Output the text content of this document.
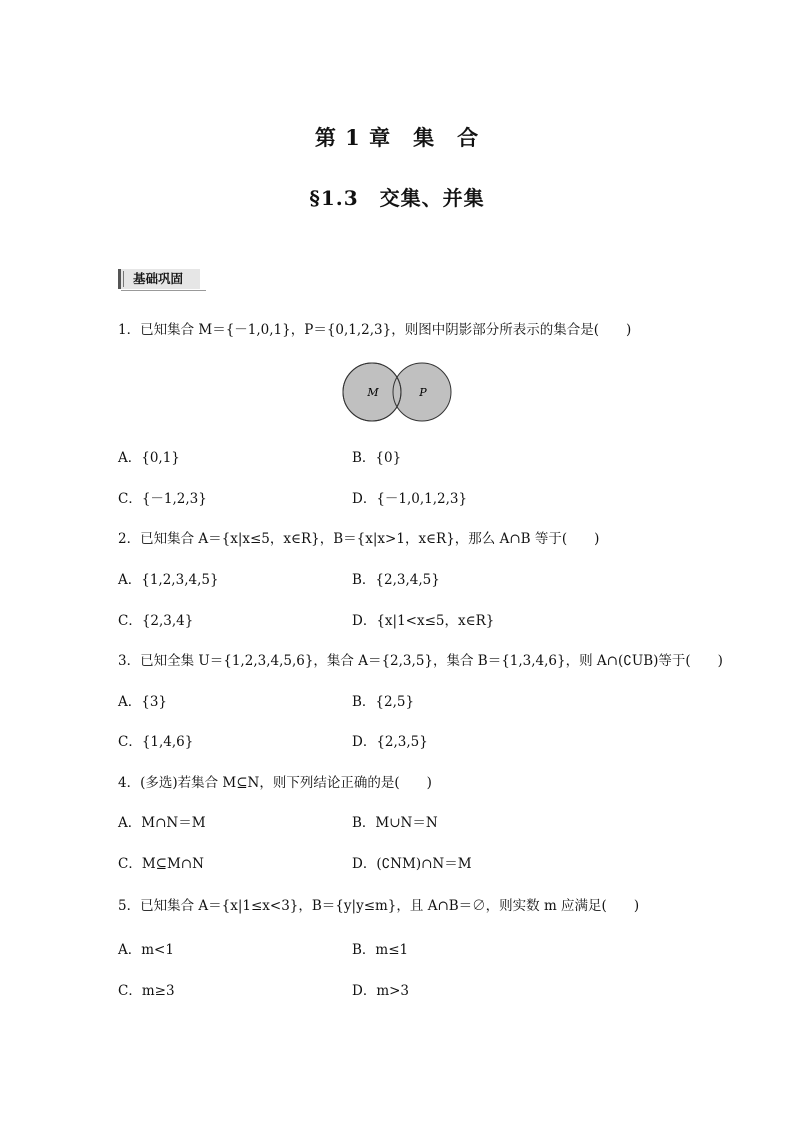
第 1 章　集　合
§1.3　交集、并集
基础巩固
1．已知集合 M＝{－1,0,1}，P＝{0,1,2,3}，则图中阴影部分所表示的集合是(　　)
M	P
A．{0,1}	B．{0}
C．{－1,2,3}	D．{－1,0,1,2,3}
2．已知集合 A＝{x|x≤5，x∈R}，B＝{x|x>1，x∈R}，那么 A∩B 等于(　　)
A．{1,2,3,4,5}	B．{2,3,4,5}
C．{2,3,4}	D．{x|1<x≤5，x∈R}
3．已知全集 U＝{1,2,3,4,5,6}，集合 A＝{2,3,5}，集合 B＝{1,3,4,6}，则 A∩(∁UB)等于(　　)
A．{3}	B．{2,5}
C．{1,4,6}	D．{2,3,5}
4．(多选)若集合 M⊆N，则下列结论正确的是(　　)
A．M∩N＝M	B．M∪N＝N
C．M⊆M∩N	D．(∁NM)∩N＝M
5．已知集合 A＝{x|1≤x<3}，B＝{y|y≤m}，且 A∩B＝∅，则实数 m 应满足(　　)
A．m<1	B．m≤1
C．m≥3	D．m>3
